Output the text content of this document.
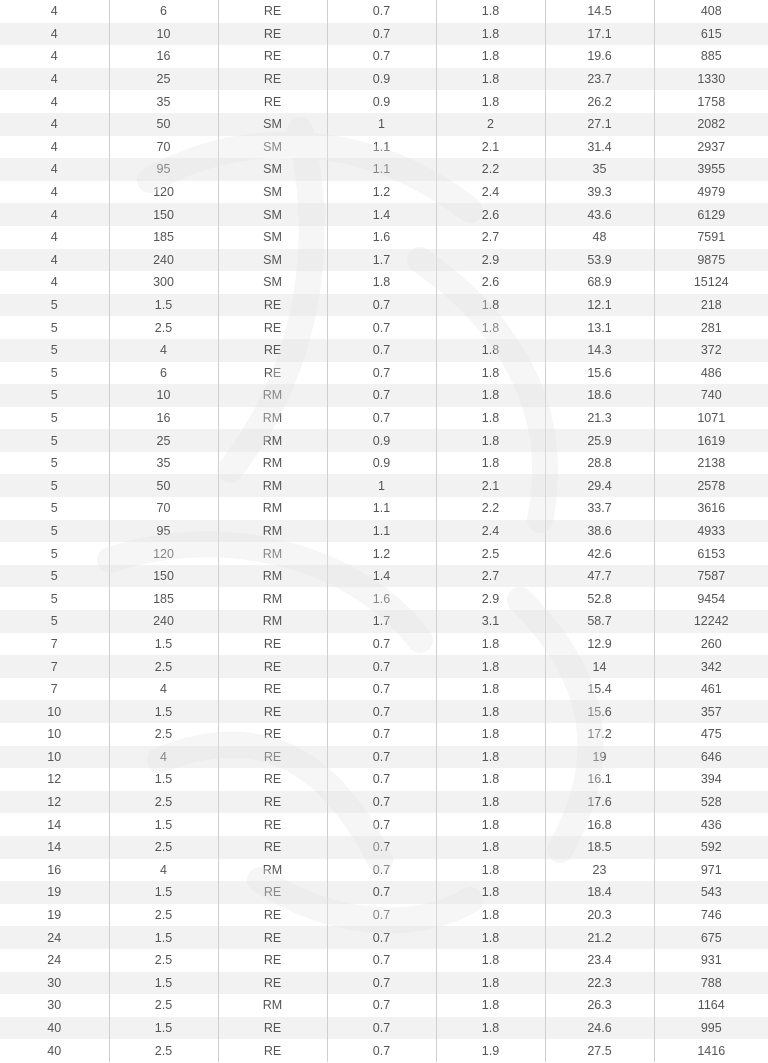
4	6	RE	0.7	1.8	14.5	408
4	10	RE	0.7	1.8	17.1	615
4	16	RE	0.7	1.8	19.6	885
4	25	RE	0.9	1.8	23.7	1330
4	35	RE	0.9	1.8	26.2	1758
4	50	SM	1	2	27.1	2082
4	70	SM	1.1	2.1	31.4	2937
4	95	SM	1.1	2.2	35	3955
4	120	SM	1.2	2.4	39.3	4979
4	150	SM	1.4	2.6	43.6	6129
4	185	SM	1.6	2.7	48	7591
4	240	SM	1.7	2.9	53.9	9875
4	300	SM	1.8	2.6	68.9	15124
5	1.5	RE	0.7	1.8	12.1	218
5	2.5	RE	0.7	1.8	13.1	281
5	4	RE	0.7	1.8	14.3	372
5	6	RE	0.7	1.8	15.6	486
5	10	RM	0.7	1.8	18.6	740
5	16	RM	0.7	1.8	21.3	1071
5	25	RM	0.9	1.8	25.9	1619
5	35	RM	0.9	1.8	28.8	2138
5	50	RM	1	2.1	29.4	2578
5	70	RM	1.1	2.2	33.7	3616
5	95	RM	1.1	2.4	38.6	4933
5	120	RM	1.2	2.5	42.6	6153
5	150	RM	1.4	2.7	47.7	7587
5	185	RM	1.6	2.9	52.8	9454
5	240	RM	1.7	3.1	58.7	12242
7	1.5	RE	0.7	1.8	12.9	260
7	2.5	RE	0.7	1.8	14	342
7	4	RE	0.7	1.8	15.4	461
10	1.5	RE	0.7	1.8	15.6	357
10	2.5	RE	0.7	1.8	17.2	475
10	4	RE	0.7	1.8	19	646
12	1.5	RE	0.7	1.8	16.1	394
12	2.5	RE	0.7	1.8	17.6	528
14	1.5	RE	0.7	1.8	16.8	436
14	2.5	RE	0.7	1.8	18.5	592
16	4	RM	0.7	1.8	23	971
19	1.5	RE	0.7	1.8	18.4	543
19	2.5	RE	0.7	1.8	20.3	746
24	1.5	RE	0.7	1.8	21.2	675
24	2.5	RE	0.7	1.8	23.4	931
30	1.5	RE	0.7	1.8	22.3	788
30	2.5	RM	0.7	1.8	26.3	1164
40	1.5	RE	0.7	1.8	24.6	995
40	2.5	RE	0.7	1.9	27.5	1416
